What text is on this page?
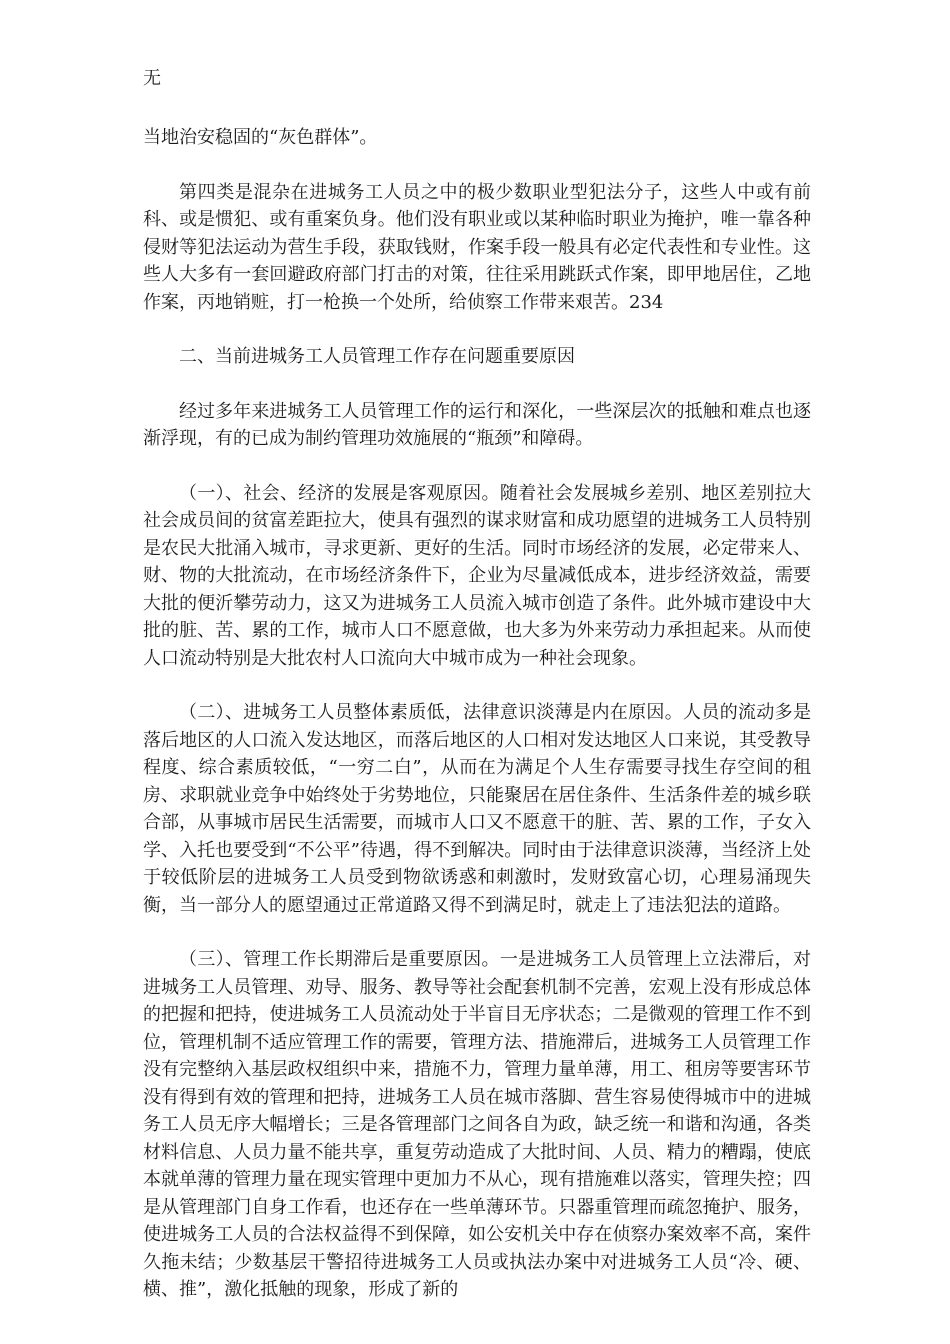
无

当地治安稳固的“灰色群体”。

第四类是混杂在进城务工人员之中的极少数职业型犯法分子，这些人中或有前科、或是惯犯、或有重案负身。他们没有职业或以某种临时职业为掩护，唯一靠各种侵财等犯法运动为营生手段，获取钱财，作案手段一般具有必定代表性和专业性。这些人大多有一套回避政府部门打击的对策，往往采用跳跃式作案，即甲地居住，乙地作案，丙地销赃，打一枪换一个处所，给侦察工作带来艰苦。234

二、当前进城务工人员管理工作存在问题重要原因

经过多年来进城务工人员管理工作的运行和深化，一些深层次的抵触和难点也逐渐浮现，有的已成为制约管理功效施展的“瓶颈”和障碍。

（一）、社会、经济的发展是客观原因。随着社会发展城乡差别、地区差别拉大社会成员间的贫富差距拉大，使具有强烈的谋求财富和成功愿望的进城务工人员特别是农民大批涌入城市，寻求更新、更好的生活。同时市场经济的发展，必定带来人、财、物的大批流动，在市场经济条件下，企业为尽量减低成本，进步经济效益，需要大批的便沂攀劳动力，这又为进城务工人员流入城市创造了条件。此外城市建设中大批的脏、苦、累的工作，城市人口不愿意做，也大多为外来劳动力承担起来。从而使人口流动特别是大批农村人口流向大中城市成为一种社会现象。

（二）、进城务工人员整体素质低，法律意识淡薄是内在原因。人员的流动多是落后地区的人口流入发达地区，而落后地区的人口相对发达地区人口来说，其受教导程度、综合素质较低，“一穷二白”，从而在为满足个人生存需要寻找生存空间的租房、求职就业竞争中始终处于劣势地位，只能聚居在居住条件、生活条件差的城乡联合部，从事城市居民生活需要，而城市人口又不愿意干的脏、苦、累的工作，子女入学、入托也要受到“不公平”待遇，得不到解决。同时由于法律意识淡薄，当经济上处于较低阶层的进城务工人员受到物欲诱惑和刺激时，发财致富心切，心理易涌现失衡，当一部分人的愿望通过正常道路又得不到满足时，就走上了违法犯法的道路。

（三）、管理工作长期滞后是重要原因。一是进城务工人员管理上立法滞后，对进城务工人员管理、劝导、服务、教导等社会配套机制不完善，宏观上没有形成总体的把握和把持，使进城务工人员流动处于半盲目无序状态；二是微观的管理工作不到位，管理机制不适应管理工作的需要，管理方法、措施滞后，进城务工人员管理工作没有完整纳入基层政权组织中来，措施不力，管理力量单薄，用工、租房等要害环节没有得到有效的管理和把持，进城务工人员在城市落脚、营生容易使得城市中的进城务工人员无序大幅增长；三是各管理部门之间各自为政，缺乏统一和谐和沟通，各类材料信息、人员力量不能共享，重复劳动造成了大批时间、人员、精力的糟蹋，使底本就单薄的管理力量在现实管理中更加力不从心，现有措施难以落实，管理失控；四是从管理部门自身工作看，也还存在一些单薄环节。只器重管理而疏忽掩护、服务，使进城务工人员的合法权益得不到保障，如公安机关中存在侦察办案效率不高，案件久拖未结；少数基层干警招待进城务工人员或执法办案中对进城务工人员“冷、硬、横、推”，激化抵触的现象，形成了新的
